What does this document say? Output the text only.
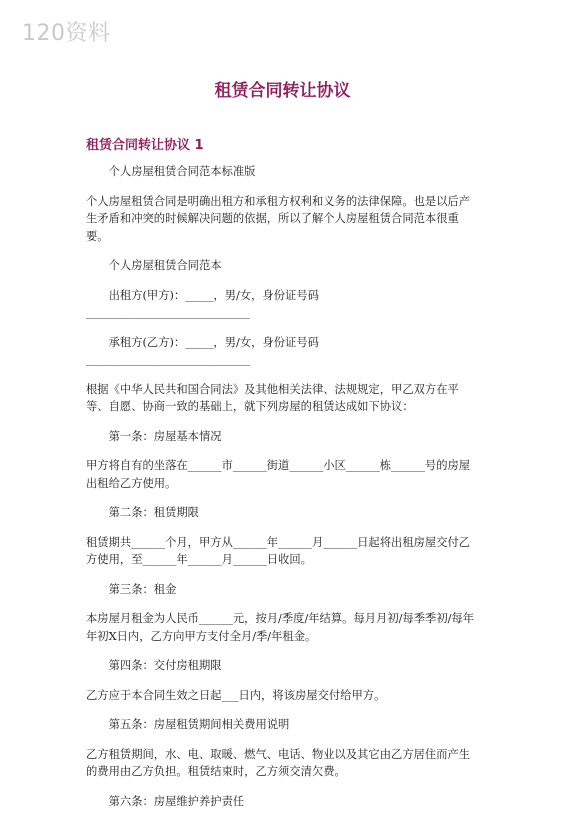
120资料
租赁合同转让协议
租赁合同转让协议 1

个人房屋租赁合同范本标准版

个人房屋租赁合同是明确出租方和承租方权利和义务的法律保障。也是以后产生矛盾和冲突的时候解决问题的依据，所以了解个人房屋租赁合同范本很重要。

个人房屋租赁合同范本

出租方(甲方)：_____，男/女，身份证号码_____________________________

承租方(乙方)：_____，男/女，身份证号码_____________________________

根据《中华人民共和国合同法》及其他相关法律、法规规定，甲乙双方在平等、自愿、协商一致的基础上，就下列房屋的租赁达成如下协议：

第一条：房屋基本情况

甲方将自有的坐落在______市______街道______小区______栋______号的房屋出租给乙方使用。

第二条：租赁期限

租赁期共______个月，甲方从______年______月______日起将出租房屋交付乙方使用，至______年______月______日收回。

第三条：租金

本房屋月租金为人民币______元，按月/季度/年结算。每月月初/每季季初/每年年初X日内，乙方向甲方支付全月/季/年租金。

第四条：交付房租期限

乙方应于本合同生效之日起___日内，将该房屋交付给甲方。

第五条：房屋租赁期间相关费用说明

乙方租赁期间，水、电、取暖、燃气、电话、物业以及其它由乙方居住而产生的费用由乙方负担。租赁结束时，乙方须交清欠费。

第六条：房屋维护养护责任
